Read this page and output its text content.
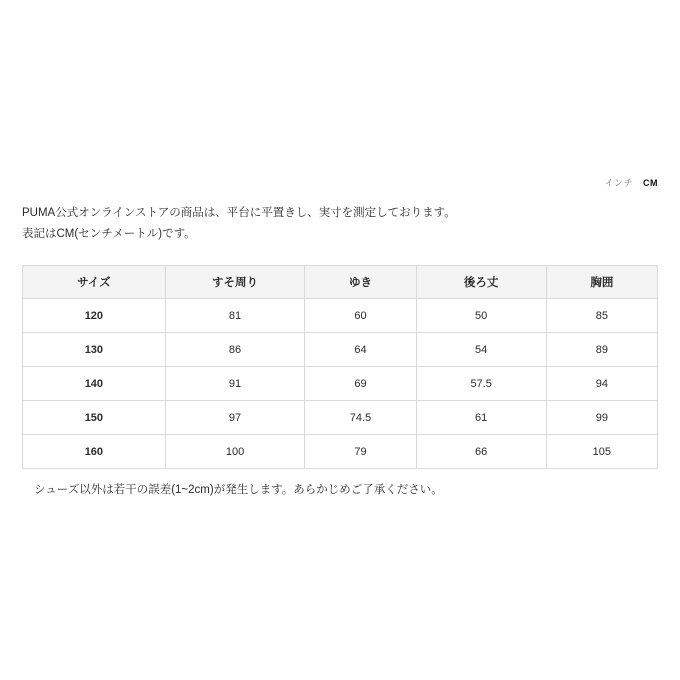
インチ CM
PUMA公式オンラインストアの商品は、平台に平置きし、実寸を測定しております。
表記はCM(センチメートル)です。
サイズ	すそ周り	ゆき	後ろ丈	胸囲
120	81	60	50	85
130	86	64	54	89
140	91	69	57.5	94
150	97	74.5	61	99
160	100	79	66	105
シューズ以外は若干の誤差(1~2cm)が発生します。あらかじめご了承ください。
